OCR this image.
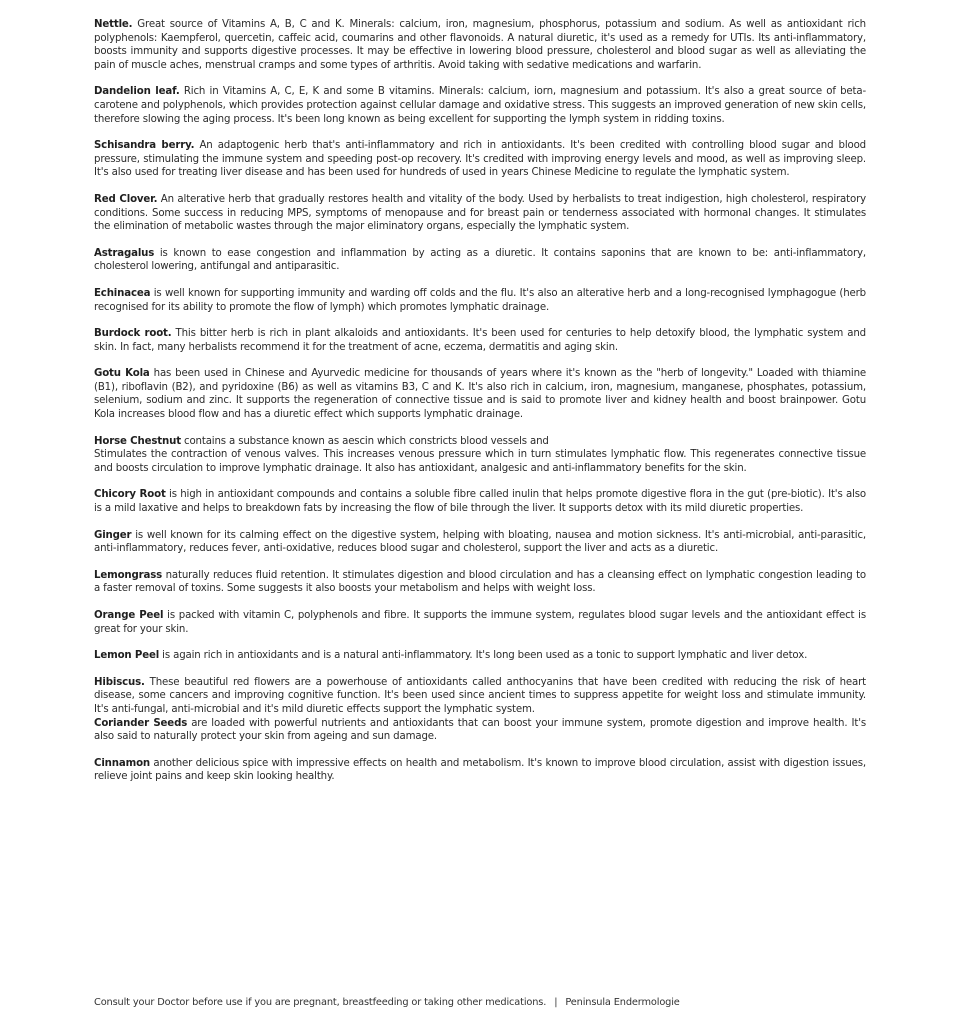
Nettle. Great source of Vitamins A, B, C and K. Minerals: calcium, iron, magnesium, phosphorus, potassium and sodium. As well as antioxidant rich polyphenols: Kaempferol, quercetin, caffeic acid, coumarins and other flavonoids. A natural diuretic, it's used as a remedy for UTIs. Its anti-inflammatory, boosts immunity and supports digestive processes. It may be effective in lowering blood pressure, cholesterol and blood sugar as well as alleviating the pain of muscle aches, menstrual cramps and some types of arthritis. Avoid taking with sedative medications and warfarin.

Dandelion leaf. Rich in Vitamins A, C, E, K and some B vitamins. Minerals: calcium, iorn, magnesium and potassium. It's also a great source of beta-carotene and polyphenols, which provides protection against cellular damage and oxidative stress. This suggests an improved generation of new skin cells, therefore slowing the aging process. It's been long known as being excellent for supporting the lymph system in ridding toxins.

Schisandra berry. An adaptogenic herb that's anti-inflammatory and rich in antioxidants. It's been credited with controlling blood sugar and blood pressure, stimulating the immune system and speeding post-op recovery. It's credited with improving energy levels and mood, as well as improving sleep. It's also used for treating liver disease and has been used for hundreds of used in years Chinese Medicine to regulate the lymphatic system.

Red Clover. An alterative herb that gradually restores health and vitality of the body. Used by herbalists to treat indigestion, high cholesterol, respiratory conditions. Some success in reducing MPS, symptoms of menopause and for breast pain or tenderness associated with hormonal changes. It stimulates the elimination of metabolic wastes through the major eliminatory organs, especially the lymphatic system.

Astragalus is known to ease congestion and inflammation by acting as a diuretic. It contains saponins that are known to be: anti-inflammatory, cholesterol lowering, antifungal and antiparasitic.

Echinacea is well known for supporting immunity and warding off colds and the flu. It's also an alterative herb and a long-recognised lymphagogue (herb recognised for its ability to promote the flow of lymph) which promotes lymphatic drainage.

Burdock root. This bitter herb is rich in plant alkaloids and antioxidants. It's been used for centuries to help detoxify blood, the lymphatic system and skin. In fact, many herbalists recommend it for the treatment of acne, eczema, dermatitis and aging skin.

Gotu Kola has been used in Chinese and Ayurvedic medicine for thousands of years where it's known as the "herb of longevity." Loaded with thiamine (B1), riboflavin (B2), and pyridoxine (B6) as well as vitamins B3, C and K. It's also rich in calcium, iron, magnesium, manganese, phosphates, potassium, selenium, sodium and zinc. It supports the regeneration of connective tissue and is said to promote liver and kidney health and boost brainpower. Gotu Kola increases blood flow and has a diuretic effect which supports lymphatic drainage.

Horse Chestnut contains a substance known as aescin which constricts blood vessels and

Stimulates the contraction of venous valves. This increases venous pressure which in turn stimulates lymphatic flow. This regenerates connective tissue and boosts circulation to improve lymphatic drainage. It also has antioxidant, analgesic and anti-inflammatory benefits for the skin.

Chicory Root is high in antioxidant compounds and contains a soluble fibre called inulin that helps promote digestive flora in the gut (pre-biotic). It's also is a mild laxative and helps to breakdown fats by increasing the flow of bile through the liver. It supports detox with its mild diuretic properties.

Ginger is well known for its calming effect on the digestive system, helping with bloating, nausea and motion sickness. It's anti-microbial, anti-parasitic, anti-inflammatory, reduces fever, anti-oxidative, reduces blood sugar and cholesterol, support the liver and acts as a diuretic.

Lemongrass naturally reduces fluid retention. It stimulates digestion and blood circulation and has a cleansing effect on lymphatic congestion leading to a faster removal of toxins. Some suggests it also boosts your metabolism and helps with weight loss.

Orange Peel is packed with vitamin C, polyphenols and fibre. It supports the immune system, regulates blood sugar levels and the antioxidant effect is great for your skin.

Lemon Peel is again rich in antioxidants and is a natural anti-inflammatory. It's long been used as a tonic to support lymphatic and liver detox.

Hibiscus. These beautiful red flowers are a powerhouse of antioxidants called anthocyanins that have been credited with reducing the risk of heart disease, some cancers and improving cognitive function. It's been used since ancient times to suppress appetite for weight loss and stimulate immunity. It's anti-fungal, anti-microbial and it's mild diuretic effects support the lymphatic system.

Coriander Seeds are loaded with powerful nutrients and antioxidants that can boost your immune system, promote digestion and improve health. It's also said to naturally protect your skin from ageing and sun damage.

Cinnamon another delicious spice with impressive effects on health and metabolism. It's known to improve blood circulation, assist with digestion issues, relieve joint pains and keep skin looking healthy.

Consult your Doctor before use if you are pregnant, breastfeeding or taking other medications. | Peninsula Endermologie
